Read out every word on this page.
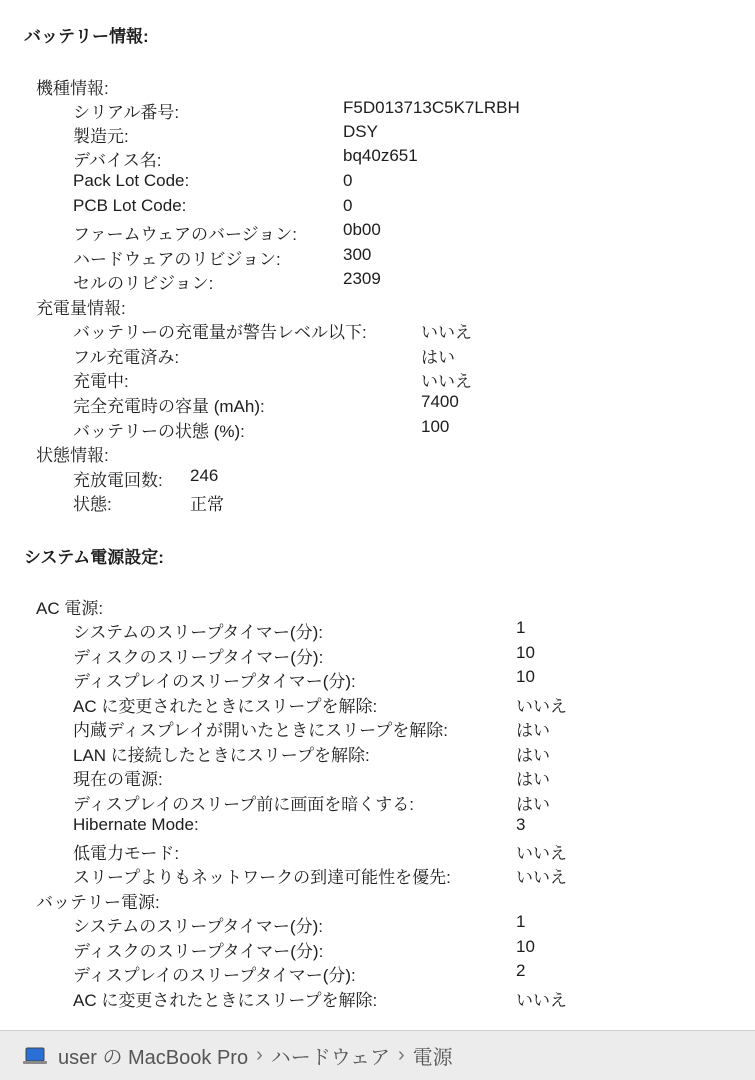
バッテリー情報:
機種情報:
シリアル番号:	F5D013713C5K7LRBH
製造元:	DSY
デバイス名:	bq40z651
Pack Lot Code:	0
PCB Lot Code:	0
ファームウェアのバージョン:	0b00
ハードウェアのリビジョン:	300
セルのリビジョン:	2309
充電量情報:
バッテリーの充電量が警告レベル以下:	いいえ
フル充電済み:	はい
充電中:	いいえ
完全充電時の容量 (mAh):	7400
バッテリーの状態 (%):	100
状態情報:
充放電回数: 246
状態:	正常
システム電源設定:
AC 電源:
システムのスリープタイマー(分):	1
ディスクのスリープタイマー(分):	10
ディスプレイのスリープタイマー(分):	10
AC に変更されたときにスリープを解除:	いいえ
内蔵ディスプレイが開いたときにスリープを解除:	はい
LAN に接続したときにスリープを解除:	はい
現在の電源:	はい
ディスプレイのスリープ前に画面を暗くする:	はい
Hibernate Mode:	3
低電力モード:	いいえ
スリープよりもネットワークの到達可能性を優先:	いいえ
バッテリー電源:
システムのスリープタイマー(分):	1
ディスクのスリープタイマー(分):	10
ディスプレイのスリープタイマー(分):	2
AC に変更されたときにスリープを解除:	いいえ
user の MacBook Pro › ハードウェア › 電源
